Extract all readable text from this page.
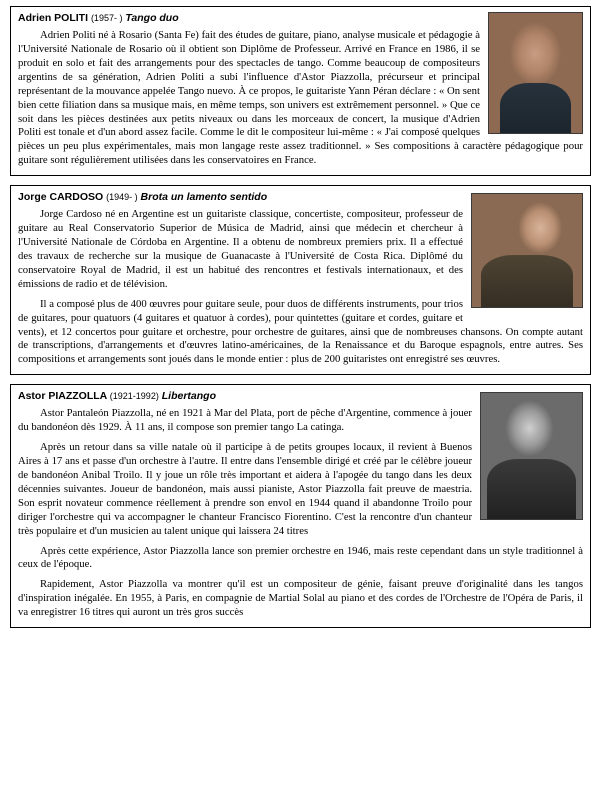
Adrien POLITI (1957- ) Tango duo

Adrien Politi né à Rosario (Santa Fe) fait des études de guitare, piano, analyse musicale et pédagogie à l'Université Nationale de Rosario où il obtient son Diplôme de Professeur. Arrivé en France en 1986, il se produit en solo et fait des arrangements pour des spectacles de tango. Comme beaucoup de compositeurs argentins de sa génération, Adrien Politi a subi l'influence d'Astor Piazzolla, précurseur et principal représentant de la mouvance appelée Tango nuevo. À ce propos, le guitariste Yann Péran déclare : « On sent bien cette filiation dans sa musique mais, en même temps, son univers est extrêmement personnel. » Que ce soit dans les pièces destinées aux petits niveaux ou dans les morceaux de concert, la musique d'Adrien Politi est tonale et d'un abord assez facile. Comme le dit le compositeur lui-même : « J'ai composé quelques pièces un peu plus expérimentales, mais mon langage reste assez traditionnel. » Ses compositions à caractère pédagogique pour guitare sont régulièrement utilisées dans les conservatoires en France.

Jorge CARDOSO (1949- ) Brota un lamento sentido

Jorge Cardoso né en Argentine est un guitariste classique, concertiste, compositeur, professeur de guitare au Real Conservatorio Superior de Música de Madrid, ainsi que médecin et chercheur à l'Université Nationale de Córdoba en Argentine. Il a obtenu de nombreux premiers prix. Il a effectué des travaux de recherche sur la musique de Guanacaste à l'Université de Costa Rica. Diplômé du conservatoire Royal de Madrid, il est un habitué des rencontres et festivals internationaux, et des émissions de radio et de télévision.

Il a composé plus de 400 œuvres pour guitare seule, pour duos de différents instruments, pour trios de guitares, pour quatuors (4 guitares et quatuor à cordes), pour quintettes (guitare et cordes, guitare et vents), et 12 concertos pour guitare et orchestre, pour orchestre de guitares, ainsi que de nombreuses chansons. On compte autant de transcriptions, d'arrangements et d'œuvres latino-américaines, de la Renaissance et du Baroque espagnols, entre autres. Ses compositions et arrangements sont joués dans le monde entier : plus de 200 guitaristes ont enregistré ses œuvres.

Astor PIAZZOLLA (1921-1992) Libertango

Astor Pantaleón Piazzolla, né en 1921 à Mar del Plata, port de pêche d'Argentine, commence à jouer du bandonéon dès 1929. À 11 ans, il compose son premier tango La catinga.

Après un retour dans sa ville natale où il participe à de petits groupes locaux, il revient à Buenos Aires à 17 ans et passe d'un orchestre à l'autre. Il entre dans l'ensemble dirigé et créé par le célèbre joueur de bandonéon Anibal Troilo. Il y joue un rôle très important et aidera à l'apogée du tango dans les deux décennies suivantes. Joueur de bandonéon, mais aussi pianiste, Astor Piazzolla fait preuve de maestria. Son esprit novateur commence réellement à prendre son envol en 1944 quand il abandonne Troilo pour diriger l'orchestre qui va accompagner le chanteur Francisco Fiorentino. C'est la rencontre d'un chanteur très populaire et d'un musicien au talent unique qui laissera 24 titres

Après cette expérience, Astor Piazzolla lance son premier orchestre en 1946, mais reste cependant dans un style traditionnel à ceux de l'époque.

Rapidement, Astor Piazzolla va montrer qu'il est un compositeur de génie, faisant preuve d'originalité dans les tangos d'inspiration inégalée. En 1955, à Paris, en compagnie de Martial Solal au piano et des cordes de l'Orchestre de l'Opéra de Paris, il va enregistrer 16 titres qui auront un très gros succès
